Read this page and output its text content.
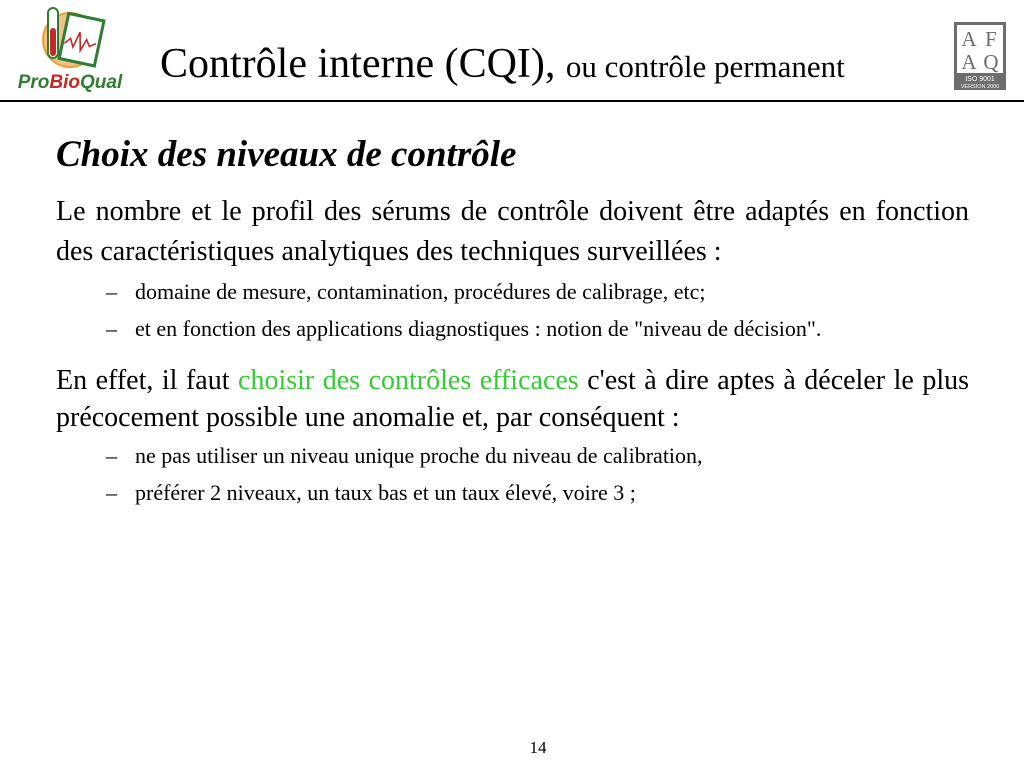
ProBioQual Contrôle interne (CQI), ou contrôle permanent
A F
A Q
ISO 9001
VERSION 2000
Choix des niveaux de contrôle

Le nombre et le profil des sérums de contrôle doivent être adaptés en fonction des caractéristiques analytiques des techniques surveillées :

– domaine de mesure, contamination, procédures de calibrage, etc;
– et en fonction des applications diagnostiques : notion de "niveau de décision".

En effet, il faut choisir des contrôles efficaces c'est à dire aptes à déceler le plus précocement possible une anomalie et, par conséquent :

– ne pas utiliser un niveau unique proche du niveau de calibration,
– préférer 2 niveaux, un taux bas et un taux élevé, voire 3 ;
14
